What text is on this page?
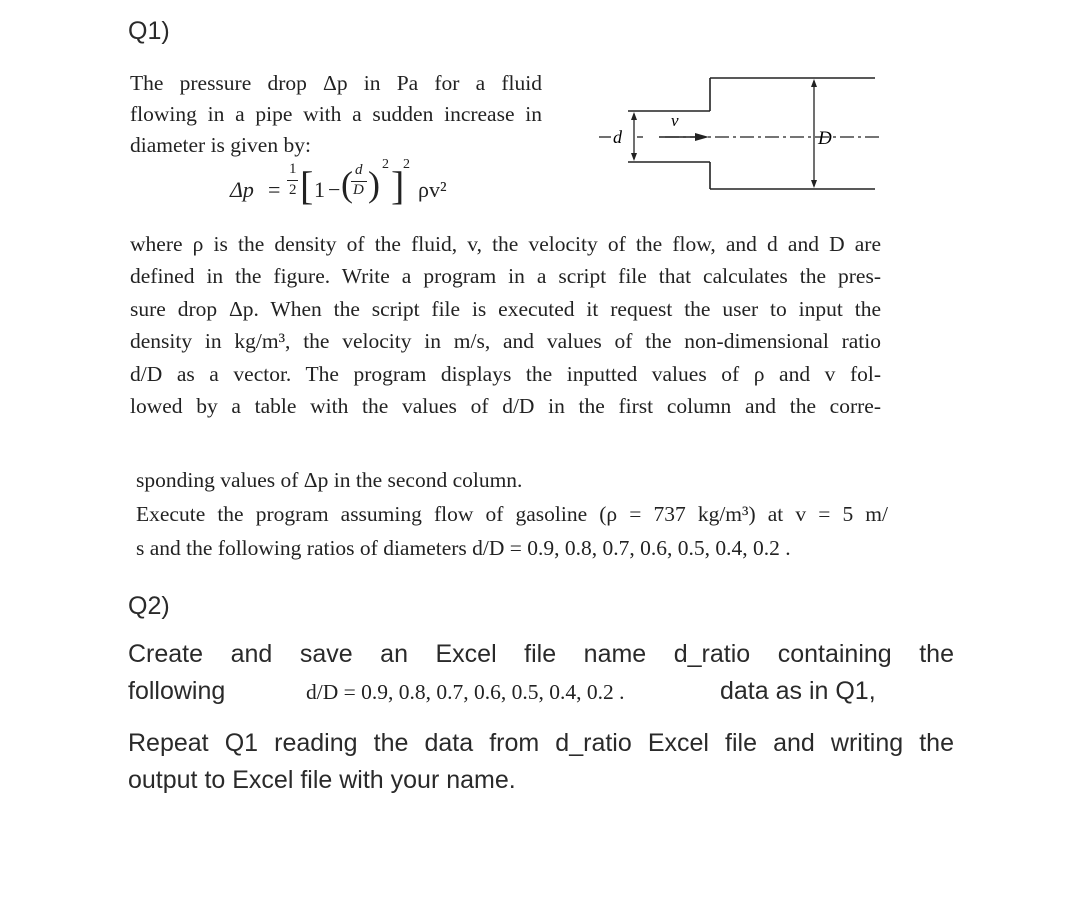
Q1)

The pressure drop Δp in Pa for a fluid

flowing in a pipe with a sudden increase in

diameter is given by:

Δp =
1
2 [ 1 − ( d
D ) 2 ]
2
ρv²
d
v
D

where ρ is the density of the fluid, v, the velocity of the flow, and d and D are

defined in the figure. Write a program in a script file that calculates the pres-

sure drop Δp. When the script file is executed it request the user to input the

density in kg/m³, the velocity in m/s, and values of the non-dimensional ratio

d/D as a vector. The program displays the inputted values of ρ and v fol-

lowed by a table with the values of d/D in the first column and the corre-

sponding values of Δp in the second column.

Execute the program assuming flow of gasoline (ρ = 737 kg/m³) at v = 5 m/

s and the following ratios of diameters d/D = 0.9, 0.8, 0.7, 0.6, 0.5, 0.4, 0.2 .

Q2)
Create and save an Excel file name d_ratio containing the
following	d/D = 0.9, 0.8, 0.7, 0.6, 0.5, 0.4, 0.2 .	data as in Q1,
Repeat Q1 reading the data from d_ratio Excel file and writing the
output to Excel file with your name.
